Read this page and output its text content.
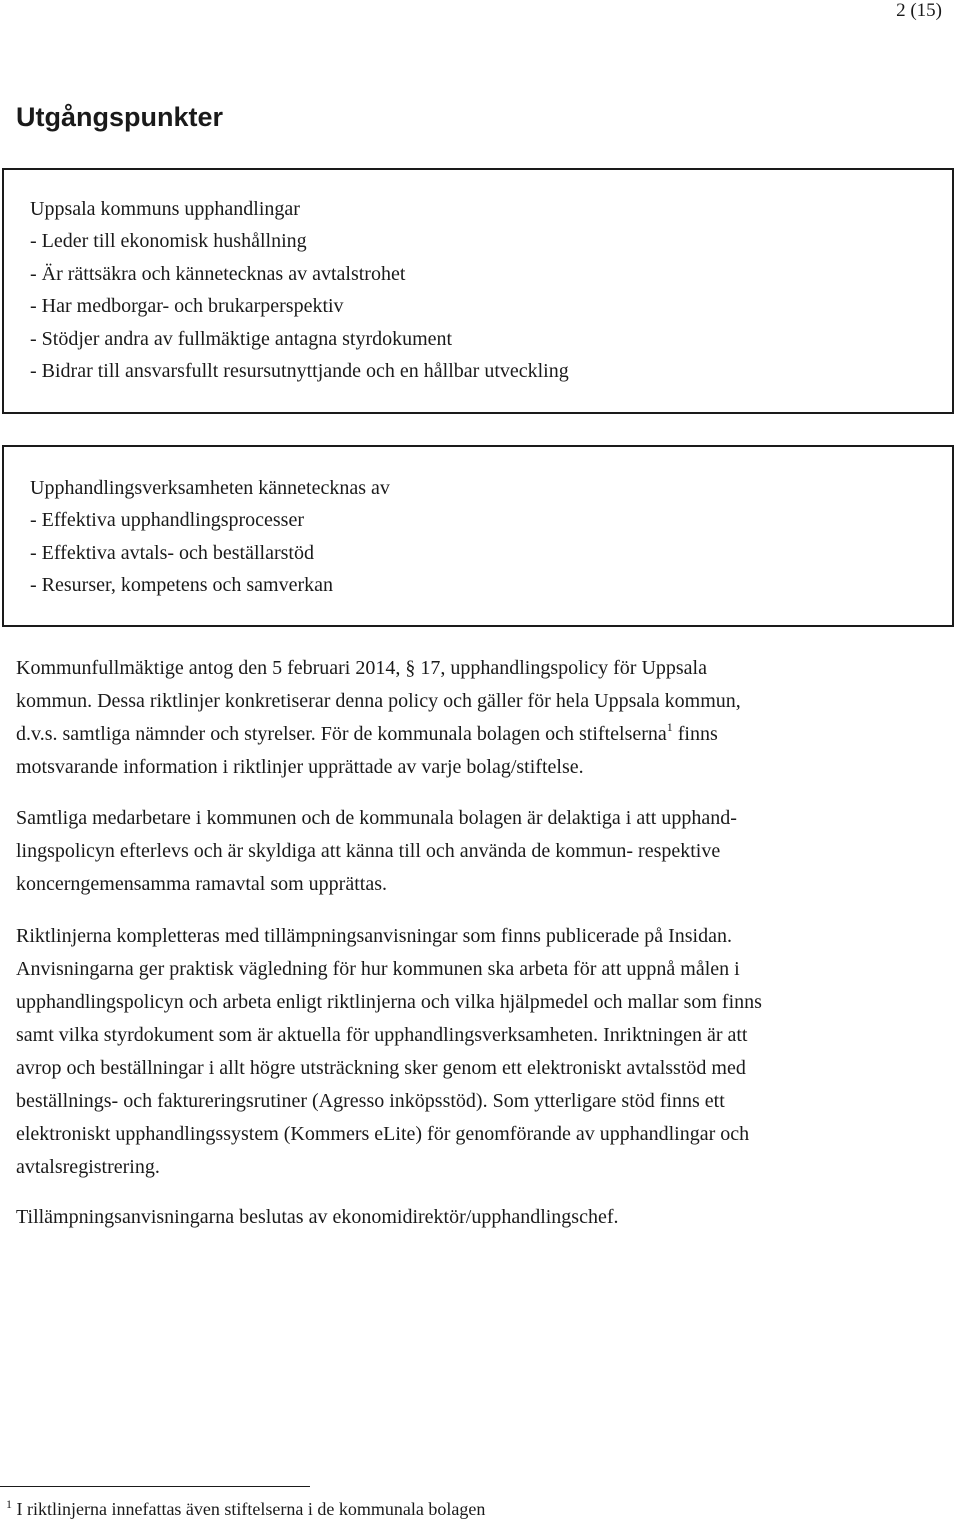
2 (15)
Utgångspunkter
Uppsala kommuns upphandlingar
- Leder till ekonomisk hushållning
- Är rättsäkra och kännetecknas av avtalstrohet
- Har medborgar- och brukarperspektiv
- Stödjer andra av fullmäktige antagna styrdokument
- Bidrar till ansvarsfullt resursutnyttjande och en hållbar utveckling
Upphandlingsverksamheten kännetecknas av
- Effektiva upphandlingsprocesser
- Effektiva avtals- och beställarstöd
- Resurser, kompetens och samverkan
Kommunfullmäktige antog den 5 februari 2014, § 17, upphandlingspolicy för Uppsala
kommun. Dessa riktlinjer konkretiserar denna policy och gäller för hela Uppsala kommun,
d.v.s. samtliga nämnder och styrelser. För de kommunala bolagen och stiftelserna$^1$ finns
motsvarande information i riktlinjer upprättade av varje bolag/stiftelse.
Samtliga medarbetare i kommunen och de kommunala bolagen är delaktiga i att upphand-
lingspolicyn efterlevs och är skyldiga att känna till och använda de kommun- respektive
koncerngemensamma ramavtal som upprättas.
Riktlinjerna kompletteras med tillämpningsanvisningar som finns publicerade på Insidan.
Anvisningarna ger praktisk vägledning för hur kommunen ska arbeta för att uppnå målen i
upphandlingspolicyn och arbeta enligt riktlinjerna och vilka hjälpmedel och mallar som finns
samt vilka styrdokument som är aktuella för upphandlingsverksamheten. Inriktningen är att
avrop och beställningar i allt högre utsträckning sker genom ett elektroniskt avtalsstöd med
beställnings- och faktureringsrutiner (Agresso inköpsstöd). Som ytterligare stöd finns ett
elektroniskt upphandlingssystem (Kommers eLite) för genomförande av upphandlingar och
avtalsregistrering.
Tillämpningsanvisningarna beslutas av ekonomidirektör/upphandlingschef.
$^1$ I riktlinjerna innefattas även stiftelserna i de kommunala bolagen
